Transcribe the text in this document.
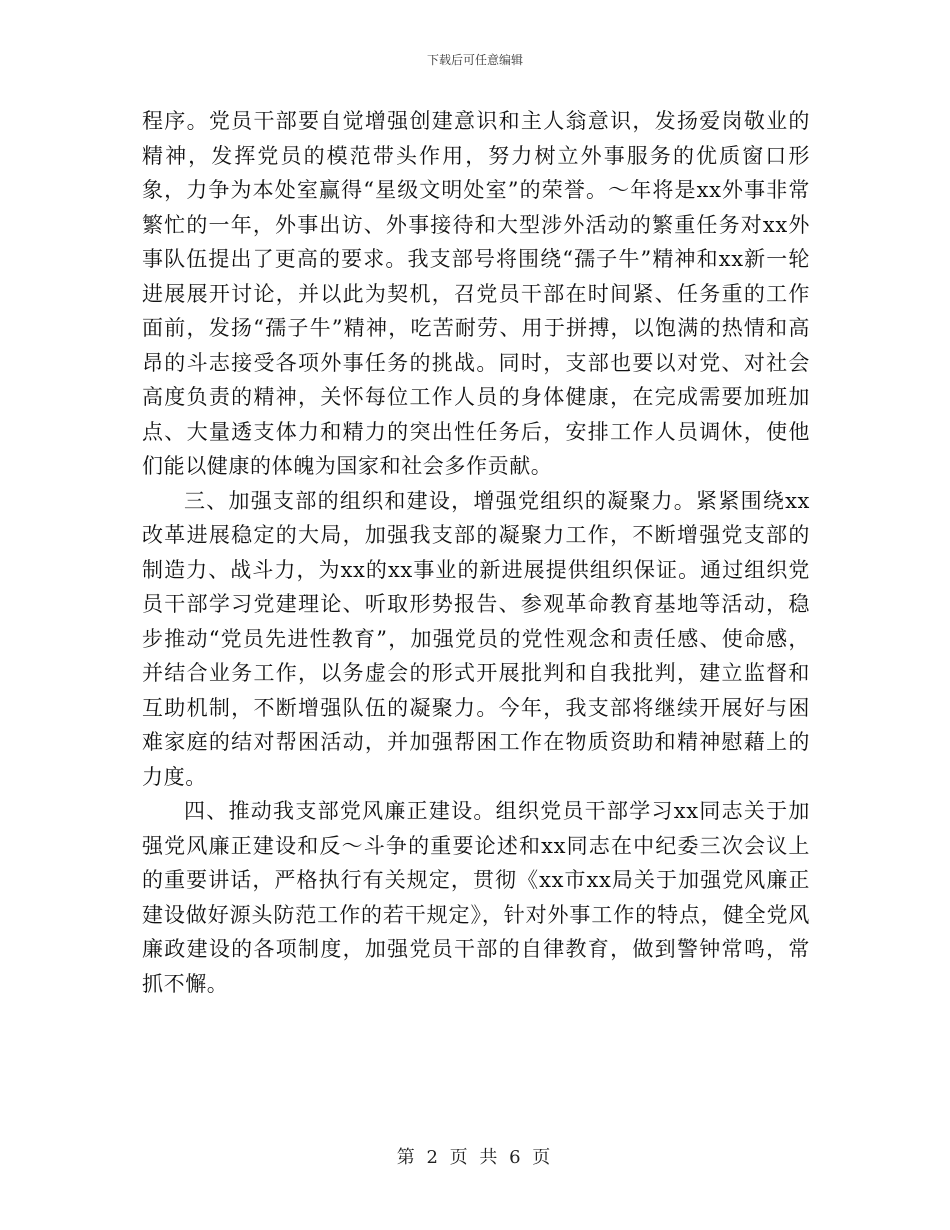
下载后可任意编辑

程序。党员干部要自觉增强创建意识和主人翁意识，发扬爱岗敬业的精神，发挥党员的模范带头作用，努力树立外事服务的优质窗口形象，力争为本处室赢得“星级文明处室”的荣誉。～年将是xx外事非常繁忙的一年，外事出访、外事接待和大型涉外活动的繁重任务对xx外事队伍提出了更高的要求。我支部号将围绕“孺子牛”精神和xx新一轮进展展开讨论，并以此为契机，召党员干部在时间紧、任务重的工作面前，发扬“孺子牛”精神，吃苦耐劳、用于拼搏，以饱满的热情和高昂的斗志接受各项外事任务的挑战。同时，支部也要以对党、对社会高度负责的精神，关怀每位工作人员的身体健康，在完成需要加班加点、大量透支体力和精力的突出性任务后，安排工作人员调休，使他们能以健康的体魄为国家和社会多作贡献。

三、加强支部的组织和建设，增强党组织的凝聚力。紧紧围绕xx改革进展稳定的大局，加强我支部的凝聚力工作，不断增强党支部的制造力、战斗力，为xx的xx事业的新进展提供组织保证。通过组织党员干部学习党建理论、听取形势报告、参观革命教育基地等活动，稳步推动“党员先进性教育”，加强党员的党性观念和责任感、使命感，并结合业务工作，以务虚会的形式开展批判和自我批判，建立监督和互助机制，不断增强队伍的凝聚力。今年，我支部将继续开展好与困难家庭的结对帮困活动，并加强帮困工作在物质资助和精神慰藉上的力度。

四、推动我支部党风廉正建设。组织党员干部学习xx同志关于加强党风廉正建设和反～斗争的重要论述和xx同志在中纪委三次会议上的重要讲话，严格执行有关规定，贯彻《xx市xx局关于加强党风廉正建设做好源头防范工作的若干规定》，针对外事工作的特点，健全党风廉政建设的各项制度，加强党员干部的自律教育，做到警钟常鸣，常抓不懈。

第 2 页 共 6 页
